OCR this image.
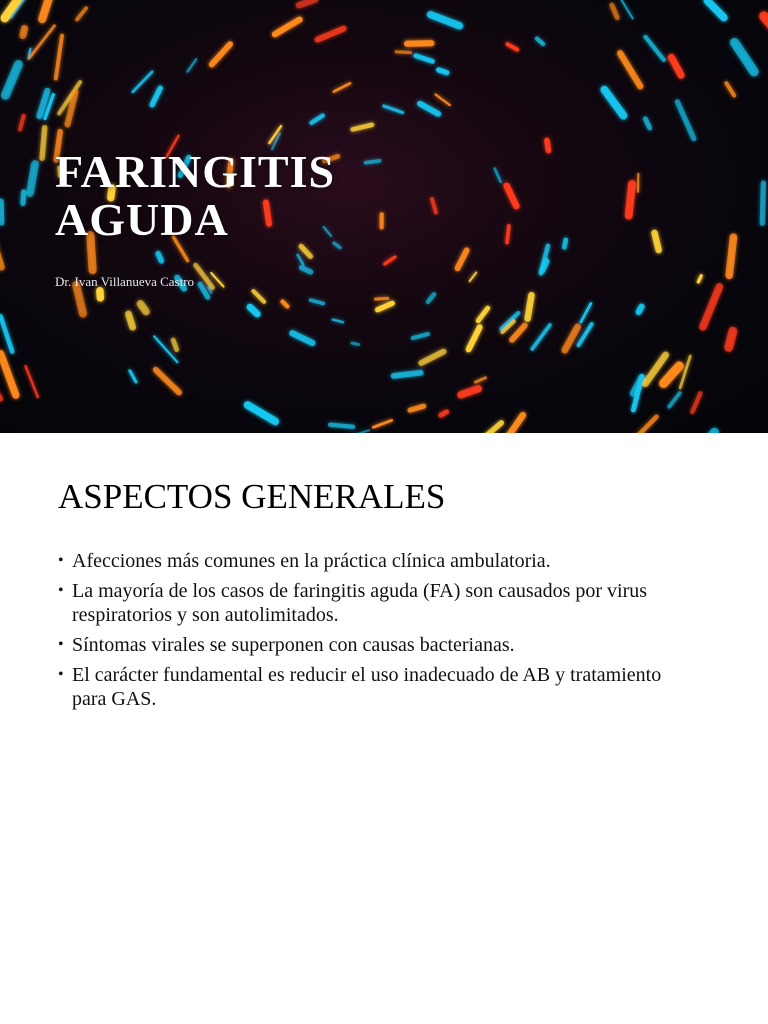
FARINGITIS
AGUDA

Dr. Ivan Villanueva Castro

ASPECTOS GENERALES
• Afecciones más comunes en la práctica clínica ambulatoria.
• La mayoría de los casos de faringitis aguda (FA) son causados por virus respiratorios y son autolimitados.
• Síntomas virales se superponen con causas bacterianas.
• El carácter fundamental es reducir el uso inadecuado de AB y tratamiento para GAS.
